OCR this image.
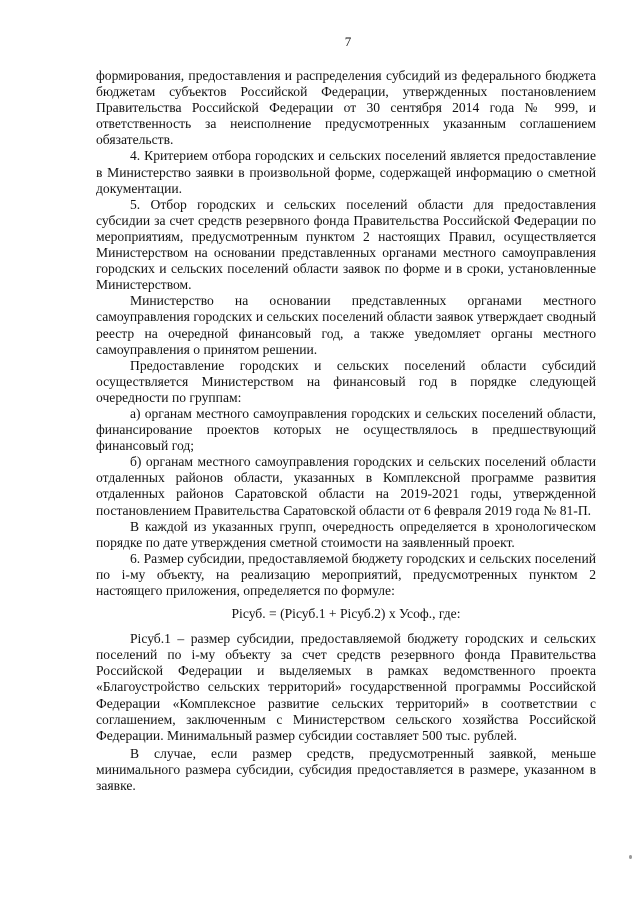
7

формирования, предоставления и распределения субсидий из федерального бюджета бюджетам субъектов Российской Федерации, утвержденных постановлением Правительства Российской Федерации от 30 сентября 2014 года № 999, и ответственность за неисполнение предусмотренных указанным соглашением обязательств.

4. Критерием отбора городских и сельских поселений является предоставление в Министерство заявки в произвольной форме, содержащей информацию о сметной документации.

5. Отбор городских и сельских поселений области для предоставления субсидии за счет средств резервного фонда Правительства Российской Федерации по мероприятиям, предусмотренным пунктом 2 настоящих Правил, осуществляется Министерством на основании представленных органами местного самоуправления городских и сельских поселений области заявок по форме и в сроки, установленные Министерством.

Министерство на основании представленных органами местного самоуправления городских и сельских поселений области заявок утверждает сводный реестр на очередной финансовый год, а также уведомляет органы местного самоуправления о принятом решении.

Предоставление городских и сельских поселений области субсидий осуществляется Министерством на финансовый год в порядке следующей очередности по группам:

а) органам местного самоуправления городских и сельских поселений области, финансирование проектов которых не осуществлялось в предшествующий финансовый год;

б) органам местного самоуправления городских и сельских поселений области отдаленных районов области, указанных в Комплексной программе развития отдаленных районов Саратовской области на 2019-2021 годы, утвержденной постановлением Правительства Саратовской области от 6 февраля 2019 года № 81-П.

В каждой из указанных групп, очередность определяется в хронологическом порядке по дате утверждения сметной стоимости на заявленный проект.

6. Размер субсидии, предоставляемой бюджету городских и сельских поселений по i-му объекту, на реализацию мероприятий, предусмотренных пунктом 2 настоящего приложения, определяется по формуле:

Pісуб. = (Pісуб.1 + Pісуб.2) х Усоф., где:

Pісуб.1 – размер субсидии, предоставляемой бюджету городских и сельских поселений по i-му объекту за счет средств резервного фонда Правительства Российской Федерации и выделяемых в рамках ведомственного проекта «Благоустройство сельских территорий» государственной программы Российской Федерации «Комплексное развитие сельских территорий» в соответствии с соглашением, заключенным с Министерством сельского хозяйства Российской Федерации. Минимальный размер субсидии составляет 500 тыс. рублей.

В случае, если размер средств, предусмотренный заявкой, меньше минимального размера субсидии, субсидия предоставляется в размере, указанном в заявке.
